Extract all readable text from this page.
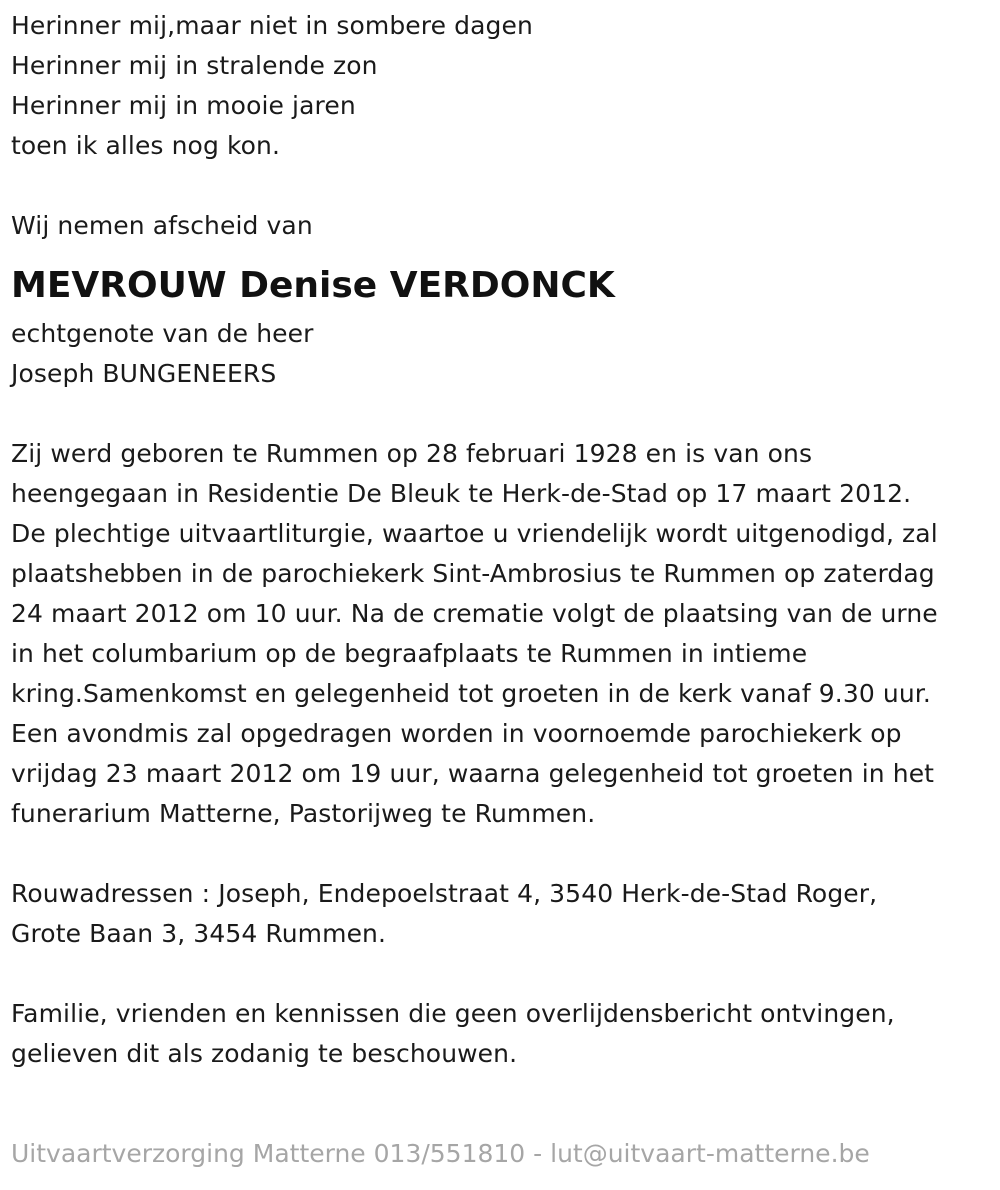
Herinner mij,maar niet in sombere dagen
Herinner mij in stralende zon
Herinner mij in mooie jaren
toen ik alles nog kon.
Wij nemen afscheid van
MEVROUW Denise VERDONCK
echtgenote van de heer
Joseph BUNGENEERS
Zij werd geboren te Rummen op 28 februari 1928 en is van ons
heengegaan in Residentie De Bleuk te Herk-de-Stad op 17 maart 2012.
De plechtige uitvaartliturgie, waartoe u vriendelijk wordt uitgenodigd, zal
plaatshebben in de parochiekerk Sint-Ambrosius te Rummen op zaterdag
24 maart 2012 om 10 uur. Na de crematie volgt de plaatsing van de urne
in het columbarium op de begraafplaats te Rummen in intieme
kring.Samenkomst en gelegenheid tot groeten in de kerk vanaf 9.30 uur.
Een avondmis zal opgedragen worden in voornoemde parochiekerk op
vrijdag 23 maart 2012 om 19 uur, waarna gelegenheid tot groeten in het
funerarium Matterne, Pastorijweg te Rummen.
Rouwadressen : Joseph, Endepoelstraat 4, 3540 Herk-de-Stad Roger,
Grote Baan 3, 3454 Rummen.
Familie, vrienden en kennissen die geen overlijdensbericht ontvingen,
gelieven dit als zodanig te beschouwen.
Uitvaartverzorging Matterne 013/551810 - lut@uitvaart-matterne.be
